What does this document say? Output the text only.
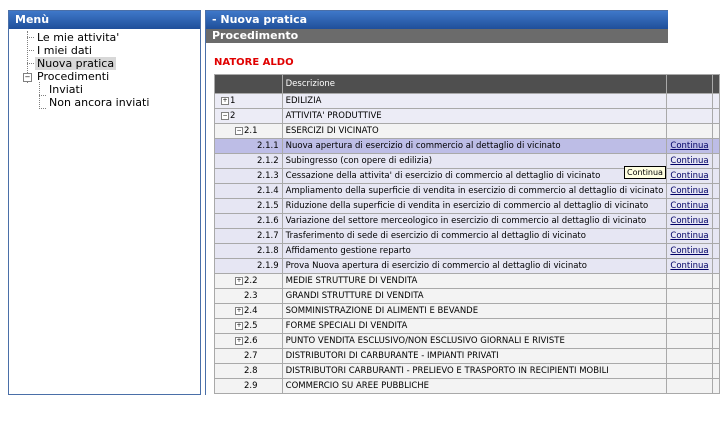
Menù
Le mie attivita'
I miei dati
Nuova pratica
− Procedimenti
Inviati
Non ancora inviati
- Nuova pratica
Procedimento
NATORE ALDO
	Descrizione		
+ 1	EDILIZIA		
− 2	ATTIVITA' PRODUTTIVE		
− 2.1	ESERCIZI DI VICINATO		
2.1.1	Nuova apertura di esercizio di commercio al dettaglio di vicinato	Continua	
2.1.2	Subingresso (con opere di edilizia)	Continua	
2.1.3	Cessazione della attivita' di esercizio di commercio al dettaglio di vicinato	Continua	
2.1.4	Ampliamento della superficie di vendita in esercizio di commercio al dettaglio di vicinato	Continua	
2.1.5	Riduzione della superficie di vendita in esercizio di commercio al dettaglio di vicinato	Continua	
2.1.6	Variazione del settore merceologico in esercizio di commercio al dettaglio di vicinato	Continua	
2.1.7	Trasferimento di sede di esercizio di commercio al dettaglio di vicinato	Continua	
2.1.8	Affidamento gestione reparto	Continua	
2.1.9	Prova Nuova apertura di esercizio di commercio al dettaglio di vicinato	Continua	
+ 2.2	MEDIE STRUTTURE DI VENDITA		
2.3	GRANDI STRUTTURE DI VENDITA		
+ 2.4	SOMMINISTRAZIONE DI ALIMENTI E BEVANDE		
+ 2.5	FORME SPECIALI DI VENDITA		
+ 2.6	PUNTO VENDITA ESCLUSIVO/NON ESCLUSIVO GIORNALI E RIVISTE		
2.7	DISTRIBUTORI DI CARBURANTE - IMPIANTI PRIVATI		
2.8	DISTRIBUTORI CARBURANTI - PRELIEVO E TRASPORTO IN RECIPIENTI MOBILI		
2.9	COMMERCIO SU AREE PUBBLICHE		
Continua
